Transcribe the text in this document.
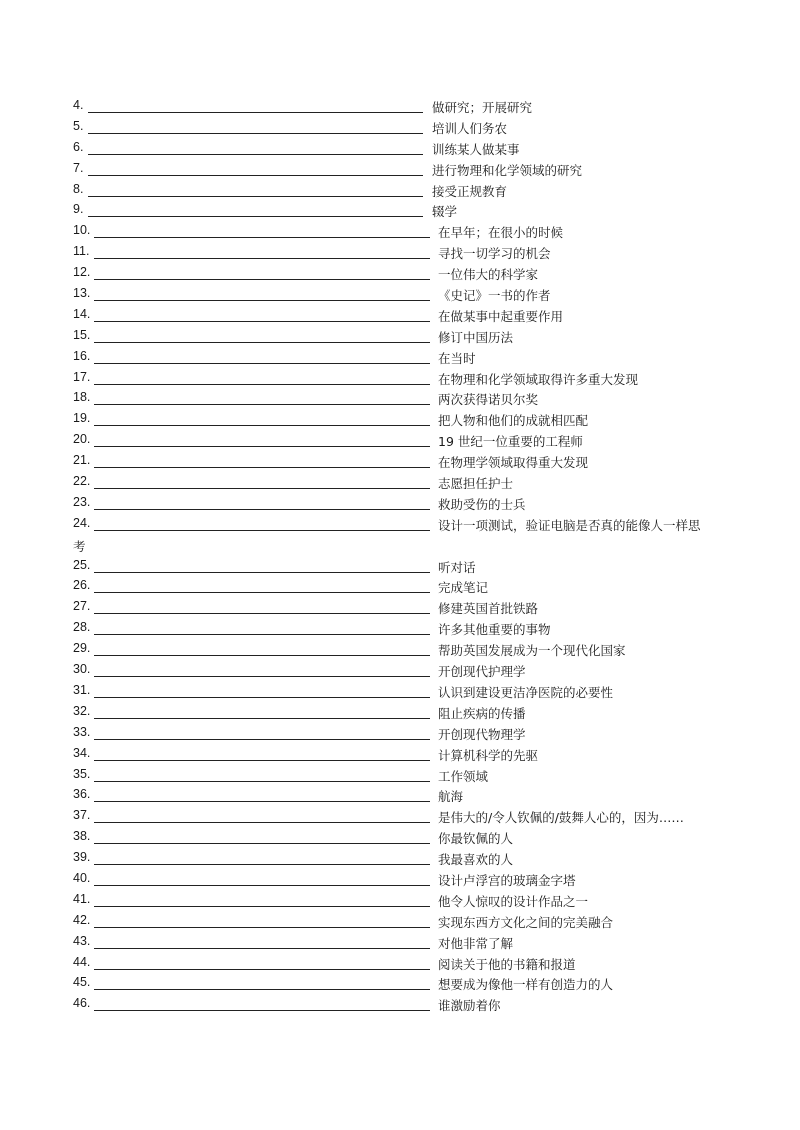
4.	做研究；开展研究
5.	培训人们务农
6.	训练某人做某事
7.	进行物理和化学领域的研究
8.	接受正规教育
9.	辍学
10.	在早年；在很小的时候
11.	寻找一切学习的机会
12.	一位伟大的科学家
13.	《史记》一书的作者
14.	在做某事中起重要作用
15.	修订中国历法
16.	在当时
17.	在物理和化学领域取得许多重大发现
18.	两次获得诺贝尔奖
19.	把人物和他们的成就相匹配
20.	19 世纪一位重要的工程师
21.	在物理学领域取得重大发现
22.	志愿担任护士
23.	救助受伤的士兵
24.	设计一项测试，验证电脑是否真的能像人一样思
考
25.	听对话
26.	完成笔记
27.	修建英国首批铁路
28.	许多其他重要的事物
29.	帮助英国发展成为一个现代化国家
30.	开创现代护理学
31.	认识到建设更洁净医院的必要性
32.	阻止疾病的传播
33.	开创现代物理学
34.	计算机科学的先驱
35.	工作领域
36.	航海
37.	是伟大的/令人钦佩的/鼓舞人心的，因为……
38.	你最钦佩的人
39.	我最喜欢的人
40.	设计卢浮宫的玻璃金字塔
41.	他令人惊叹的设计作品之一
42.	实现东西方文化之间的完美融合
43.	对他非常了解
44.	阅读关于他的书籍和报道
45.	想要成为像他一样有创造力的人
46.	谁激励着你
